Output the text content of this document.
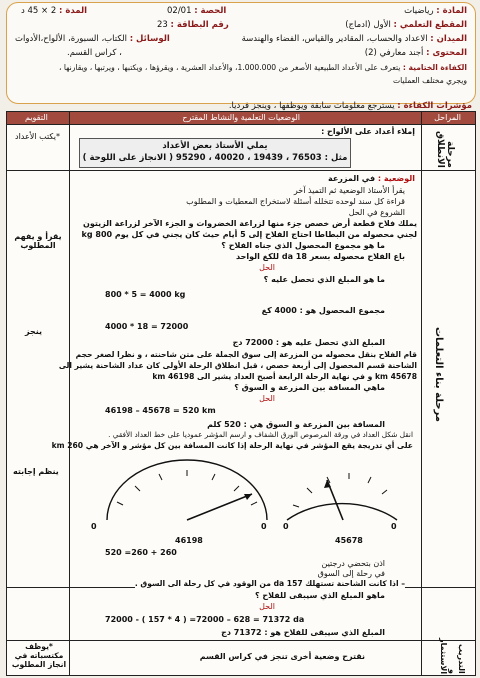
المادة : رياضيات
المقطع التعلمي : الأول (ادماج)
الميدان : الاعداد والحساب، المقادير والقياس، الفضاء والهندسة
المحتوى : أجند معارفي (2)
الكفاءة الختامية : يتعرف على الأعداد الطبيعية الأصغر من 1.000.000، والأعداد العشرية ، ويقرؤها ، ويكتبها ، ويرتبها ، ويقارنها ،
ويجري مختلف العمليات
الحصة : 02/01
المدة : 2 × 45 د
رقم البطاقة : 23
الوسائل : الكتاب، السبورة، الألواح،الأدوات
، كراس القسم.
مؤشرات الكفاءة : يسترجع معلومات سابقة ويوظفها ، وينجز فرديا.
المراحل
الوضعيات التعلمية والنشاط المقترح
التقويم
مرحلة الانطلاق
إملاء أعداد على الألواح :
يملي الأستاذ بعض الأعداد
مثل : 76503 ، 19439 ، 40020 ، 95290 ( الانجاز على اللوحة )
*يكتب الأعداد
مرحلة بناء التعلمات
يقرأ و يفهم المطلوب
ينجز
ينظم إجابته
الوضعية : في المزرعة
يقرأ الأستاذ الوضعية ثم التميذ آخر
قراءة كل سند لوحده تتخلله أسئلة لاستخراج المعطيات و المطلوب
الشروع في الحل
يملك فلاح قطعة أرض خصص جزء منها لزراعة الخضروات و الجزء الآخر لزراعة الزيتون
لجني محصوله من البطاطا احتاج الفلاح إلى 5 أيام حيث كان يجني في كل يوم 800 kg
ما هو مجموع المحصول الذي جناه الفلاح ؟
باع الفلاح محصوله بسعر 18 da للكغ الواحد
الحل
ما هو المبلغ الذي تحصل عليه ؟
800 * 5 = 4000 kg
مجموع المحصول هو : 4000 كغ
4000 * 18 = 72000
المبلغ الذي تحصل عليه هو : 72000 دج
قام الفلاح بنقل محصوله من المزرعة إلى سوق الجملة على متن شاحنته ، و نظرا لصغر حجم
الشاحنة قسم المحصول إلى أربعة حصص ، قبل انطلاق الرحلة الأولى كان عداد الشاحنة يشير الى
45678 km و في نهاية الرحلة الرابعة أصبح العداد يشير الى 46198 km
ماهي المسافة بين المزرعة و السوق ؟
الحل
46198 – 45678 = 520 km
المسافة بين المزرعة و السوق هي : 520 كلم
انقل شكل العداد في ورقة المرصوص الورق الشفاف و ارسم المؤشر عموديا على خط العداد الأفقي .
على أي تدريجة يقع المؤشر في نهاية الرحلة إذا كانت المسافة بين كل مؤشر و الآخر هي 260 km
0	0
46198
0	0
45678
520 =260 + 260
اذن بتحضي درجتين
في رحلة إلى السوق
– اذا كانت الشاحنة تستهلك 157 da من الوقود في كل رحلة الى السوق .
ماهو المبلغ الذي سيبقى للفلاح ؟
الحل
72000 - ( 157 * 4 ) =72000 – 628 = 71372 da
المبلغ الذي سيبقى للفلاح هو : 71372 دج
التدريب و الاستثمار
نقترح وضعية أخرى تنجز في كراس القسم
*يوظف مكتسباته في انجاز المطلوب
